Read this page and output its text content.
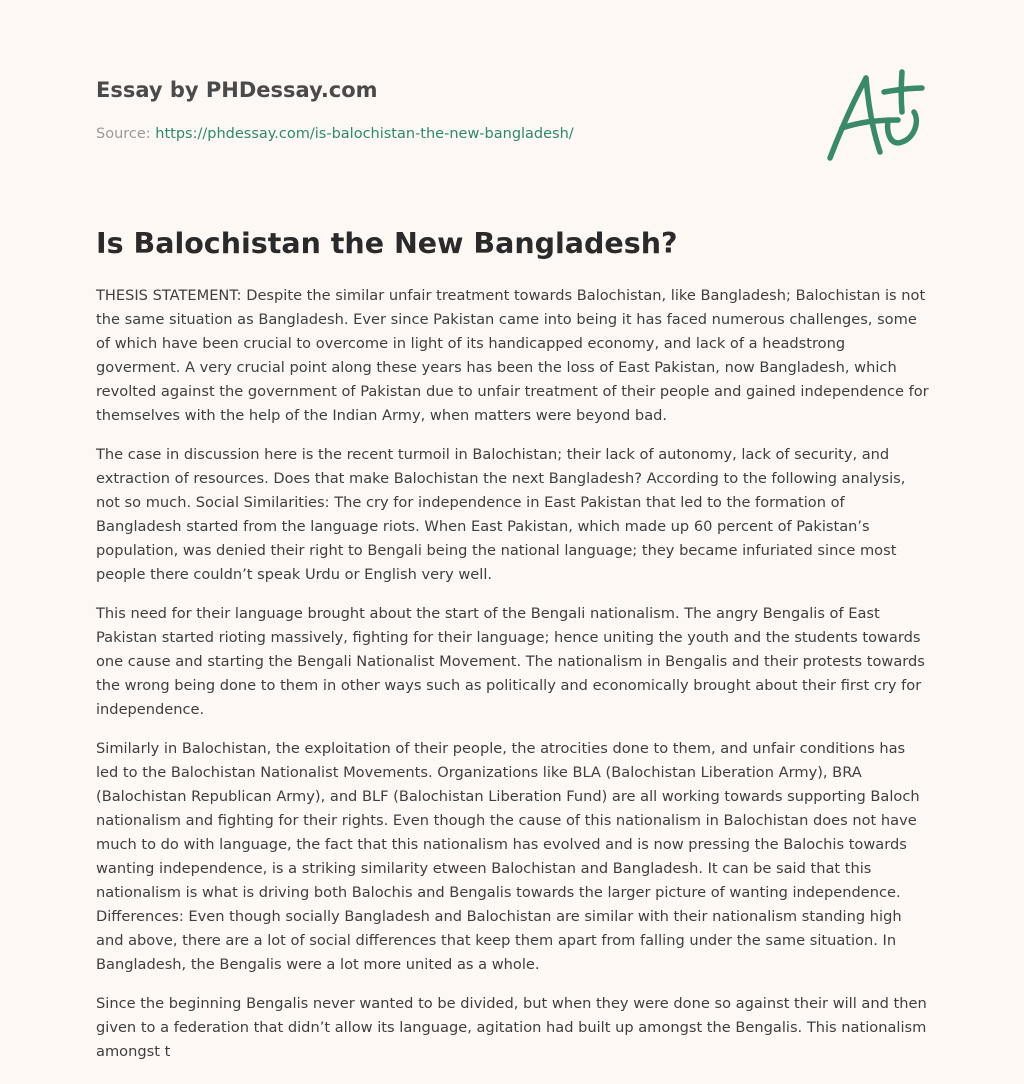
Essay by PHDessay.com
Source: https://phdessay.com/is-balochistan-the-new-bangladesh/
Is Balochistan the New Bangladesh?

THESIS STATEMENT: Despite the similar unfair treatment towards Balochistan, like Bangladesh; Balochistan is not the same situation as Bangladesh. Ever since Pakistan came into being it has faced numerous challenges, some of which have been crucial to overcome in light of its handicapped economy, and lack of a headstrong goverment. A very crucial point along these years has been the loss of East Pakistan, now Bangladesh, which revolted against the government of Pakistan due to unfair treatment of their people and gained independence for themselves with the help of the Indian Army, when matters were beyond bad.

The case in discussion here is the recent turmoil in Balochistan; their lack of autonomy, lack of security, and extraction of resources. Does that make Balochistan the next Bangladesh? According to the following analysis, not so much. Social Similarities: The cry for independence in East Pakistan that led to the formation of Bangladesh started from the language riots. When East Pakistan, which made up 60 percent of Pakistan’s population, was denied their right to Bengali being the national language; they became infuriated since most people there couldn’t speak Urdu or English very well.

This need for their language brought about the start of the Bengali nationalism. The angry Bengalis of East Pakistan started rioting massively, fighting for their language; hence uniting the youth and the students towards one cause and starting the Bengali Nationalist Movement. The nationalism in Bengalis and their protests towards the wrong being done to them in other ways such as politically and economically brought about their first cry for independence.

Similarly in Balochistan, the exploitation of their people, the atrocities done to them, and unfair conditions has led to the Balochistan Nationalist Movements. Organizations like BLA (Balochistan Liberation Army), BRA (Balochistan Republican Army), and BLF (Balochistan Liberation Fund) are all working towards supporting Baloch nationalism and fighting for their rights. Even though the cause of this nationalism in Balochistan does not have much to do with language, the fact that this nationalism has evolved and is now pressing the Balochis towards wanting independence, is a striking similarity etween Balochistan and Bangladesh. It can be said that this nationalism is what is driving both Balochis and Bengalis towards the larger picture of wanting independence. Differences: Even though socially Bangladesh and Balochistan are similar with their nationalism standing high and above, there are a lot of social differences that keep them apart from falling under the same situation. In Bangladesh, the Bengalis were a lot more united as a whole.

Since the beginning Bengalis never wanted to be divided, but when they were done so against their will and then given to a federation that didn’t allow its language, agitation had built up amongst the Bengalis. This nationalism amongst t
